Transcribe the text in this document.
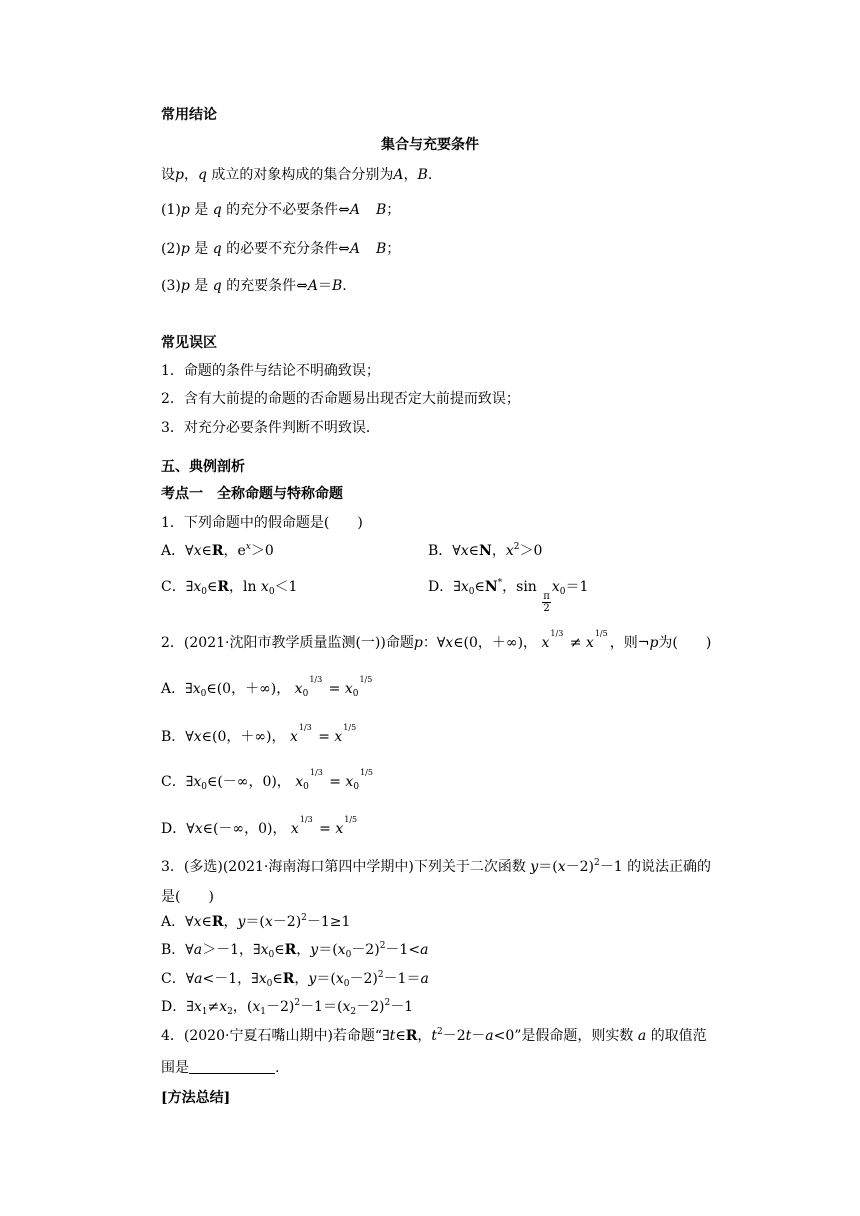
常用结论
集合与充要条件
设p，q 成立的对象构成的集合分别为A，B.
(1)p 是 q 的充分不必要条件⇔A B；
(2)p 是 q 的必要不充分条件⇔A B；
(3)p 是 q 的充要条件⇔A＝B.
常见误区
1．命题的条件与结论不明确致误；
2．含有大前提的命题的否命题易出现否定大前提而致误；
3．对充分必要条件判断不明致误．
五、典例剖析
考点一　全称命题与特称命题
1．下列命题中的假命题是(　　)
A．∀x∈R，$e^x>0$	B．∀x∈N，$x^2>0$
C．$\exists x_0\in R$，$\ln x_0<1$	D．$\exists x_0\in N^*$，sin
$\frac{\pi}{2}$
$x_0=1$
2．(2021·沈阳市教学质量监测(一))命题p：∀x∈(0，＋∞)， $x^{1/3} \ne x^{1/5}$，则¬p为(　　)
A．$\exists x_0\in(0$，＋∞)， $x_0^{1/3} = x_0^{1/5}$
B．∀x∈(0，＋∞)， $x^{1/3} = x^{1/5}$
C．$\exists x_0\in(-\infty$，0)， $x_0^{1/3} = x_0^{1/5}$
D．∀x∈(－∞，0)， $x^{1/3} = x^{1/5}$
3．(多选)(2021·海南海口第四中学期中)下列关于二次函数 $y=(x-2)^2-1$ 的说法正确的
是(　　)
A．∀x∈R，$y=(x-2)^2-1\ge 1$
B．∀a＞－1，$\exists x_0\in R$，$y=(x_0-2)^2-1<a$
C．∀a<－1，$\exists x_0\in R$，$y=(x_0-2)^2-1=a$
D．$\exists x_1\ne x_2$，$(x_1-2)^2-1=(x_2-2)^2-1$
4．(2020·宁夏石嘴山期中)若命题“∃t∈R，$t^2-2t-a<0$”是假命题，则实数 a 的取值范
围是	.
[方法总结]
